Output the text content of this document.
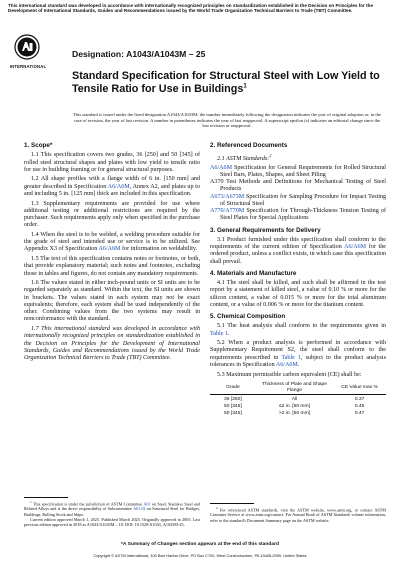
This international standard was developed in accordance with internationally recognized principles on standardization established in the Decision on Principles for the Development of International Standards, Guides and Recommendations issued by the World Trade Organization Technical Barriers to Trade (TBT) Committee.
INTERNATIONAL
Designation: A1043/A1043M – 25
Standard Specification for Structural Steel with Low Yield to Tensile Ratio for Use in Buildings$^1$
This standard is issued under the fixed designation A1043/A1043M; the number immediately following the designation indicates the year of original adoption or, in the case of revision, the year of last revision. A number in parentheses indicates the year of last reapproval. A superscript epsilon (ε) indicates an editorial change since the last revision or reapproval.
1. Scope*

1.1 This specification covers two grades, 36 [250] and 50 [345] of rolled steel structural shapes and plates with low yield to tensile ratio for use in building framing or for general structural purposes.

1.2 All shape profiles with a flange width of 6 in. [150 mm] and greater described in Specification A6/A6M, Annex A2, and plates up to and including 5 in. [125 mm] thick are included in this specification.

1.3 Supplementary requirements are provided for use where additional testing or additional restrictions are required by the purchaser. Such requirements apply only when specified in the purchase order.

1.4 When the steel is to be welded, a welding procedure suitable for the grade of steel and intended use or service is to be utilized. See Appendix X3 of Specification A6/A6M for information on weldability.

1.5 The text of this specification contains notes or footnotes, or both, that provide explanatory material; such notes and footnotes, excluding those in tables and figures, do not contain any mandatory requirements.

1.6 The values stated in either inch-pound units or SI units are to be regarded separately as standard. Within the text, the SI units are shown in brackets. The values stated in each system may not be exact equivalents; therefore, each system shall be used independently of the other. Combining values from the two systems may result in nonconformance with the standard.

1.7 This international standard was developed in accordance with internationally recognized principles on standardization established in the Decision on Principles for the Development of International Standards, Guides and Recommendations issued by the World Trade Organization Technical Barriers to Trade (TBT) Committee.

$^1$ This specification is under the jurisdiction of ASTM Committee A01 on Steel, Stainless Steel and Related Alloys and is the direct responsibility of Subcommittee A01.02 on Structural Steel for Bridges, Buildings, Rolling Stock and Ships.

Current edition approved March 1, 2025. Published March 2025. Originally approved in 2005. Last previous edition approved in 2018 as A1043/A1043M – 18. DOI: 10.1520/A1043_A1043M-25.

2. Referenced Documents
2.1 ASTM Standards:$^2$
A6/A6M Specification for General Requirements for Rolled Structural Steel Bars, Plates, Shapes, and Sheet Piling
A370 Test Methods and Definitions for Mechanical Testing of Steel Products
A673/A673M Specification for Sampling Procedure for Impact Testing of Structural Steel
A770/A770M Specification for Through-Thickness Tension Testing of Steel Plates for Special Applications
3. General Requirements for Delivery

3.1 Product furnished under this specification shall conform to the requirements of the current edition of Specification A6/A6M for the ordered product, unless a conflict exists, in which case this specification shall prevail.

4. Materials and Manufacture

4.1 The steel shall be killed, and such shall be affirmed in the test report by a statement of killed steel, a value of 0.10 % or more for the silicon content, a value of 0.015 % or more for the total aluminum content, or a value of 0.006 % or more for the titanium content.

5. Chemical Composition

5.1 The heat analysis shall conform to the requirements given in Table 1.

5.2 When a product analysis is performed in accordance with Supplementary Requirement S2, the steel shall conform to the requirements prescribed in Table 1, subject to the product analysis tolerances in Specification A6/A6M.

5.3 Maximum permissible carbon equivalent (CE) shall be:

Grade	Thickness of Plate and Shape Flange	CE Value max %
36 [250]	All	0.37
50 [345]	≤2 in. [50 mm]	0.45
50 [345]	>2 in. [50 mm]	0.47

$^2$ For referenced ASTM standards, visit the ASTM website, www.astm.org, or contact ASTM Customer Service at www.astm.org/contact. For Annual Book of ASTM Standards volume information, refer to the standard's Document Summary page on the ASTM website.

*A Summary of Changes section appears at the end of this standard
Copyright © ASTM International, 100 Barr Harbor Drive, PO Box C700, West Conshohocken, PA 19428-2959. United States
